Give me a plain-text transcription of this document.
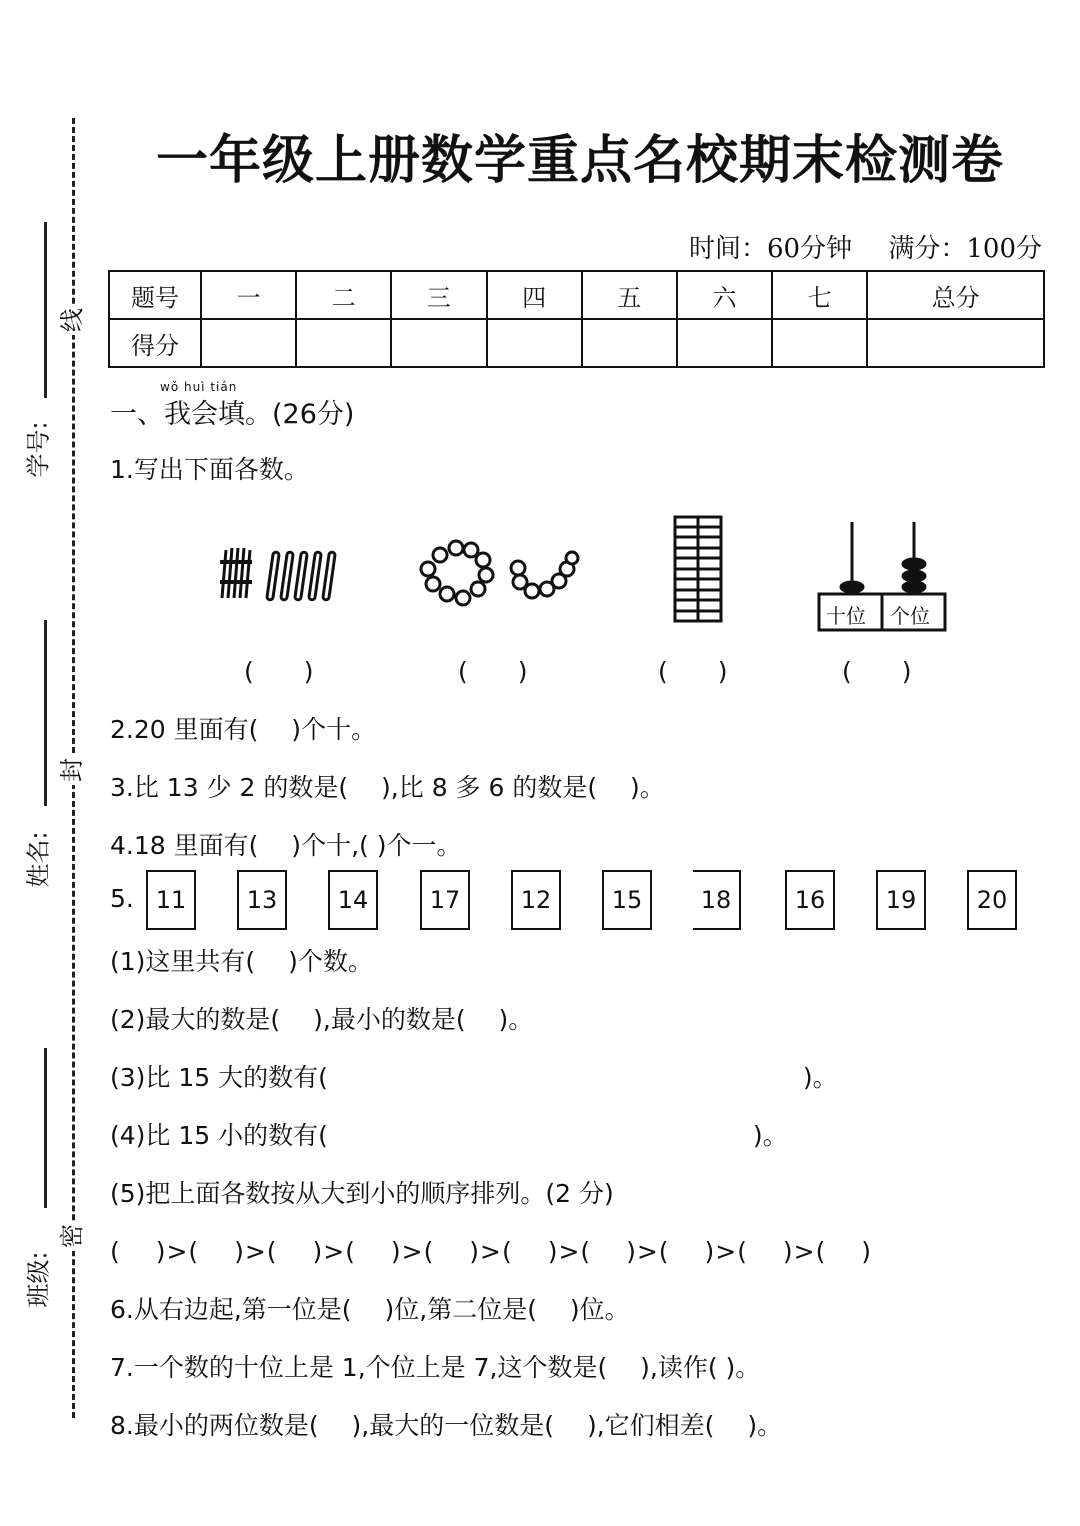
线
封
密
学号:
姓名:
班级:
一年级上册数学重点名校期末检测卷
时间：60分钟 满分：100分
题号	一	二	三	四	五	六	七	总分
得分								
wǒ huì tián
一、我会填。(26分)
1.写出下面各数。
十位 个位
(　　)	(　　)	(　　)	(　　)
2.20 里面有(　 )个十。
3.比 13 少 2 的数是(　 ),比 8 多 6 的数是(　 )。
4.18 里面有(　 )个十,( )个一。
5. 11	13	14	17	12	15	18	16	19	20
(1)这里共有(　 )个数。
(2)最大的数是(　 ),最小的数是(　 )。
(3)比 15 大的数有(　　　　　　　　　　　　　　　　　　　)。
(4)比 15 小的数有(　　　　　　　　　　　　　　　　　)。
(5)把上面各数按从大到小的顺序排列。(2 分)
(　 )>(　 )>(　 )>(　 )>(　 )>(　 )>(　 )>(　 )>(　 )>(　 )
6.从右边起,第一位是(　 )位,第二位是(　 )位。
7.一个数的十位上是 1,个位上是 7,这个数是(　 ),读作( )。
8.最小的两位数是(　 ),最大的一位数是(　 ),它们相差(　 )。
